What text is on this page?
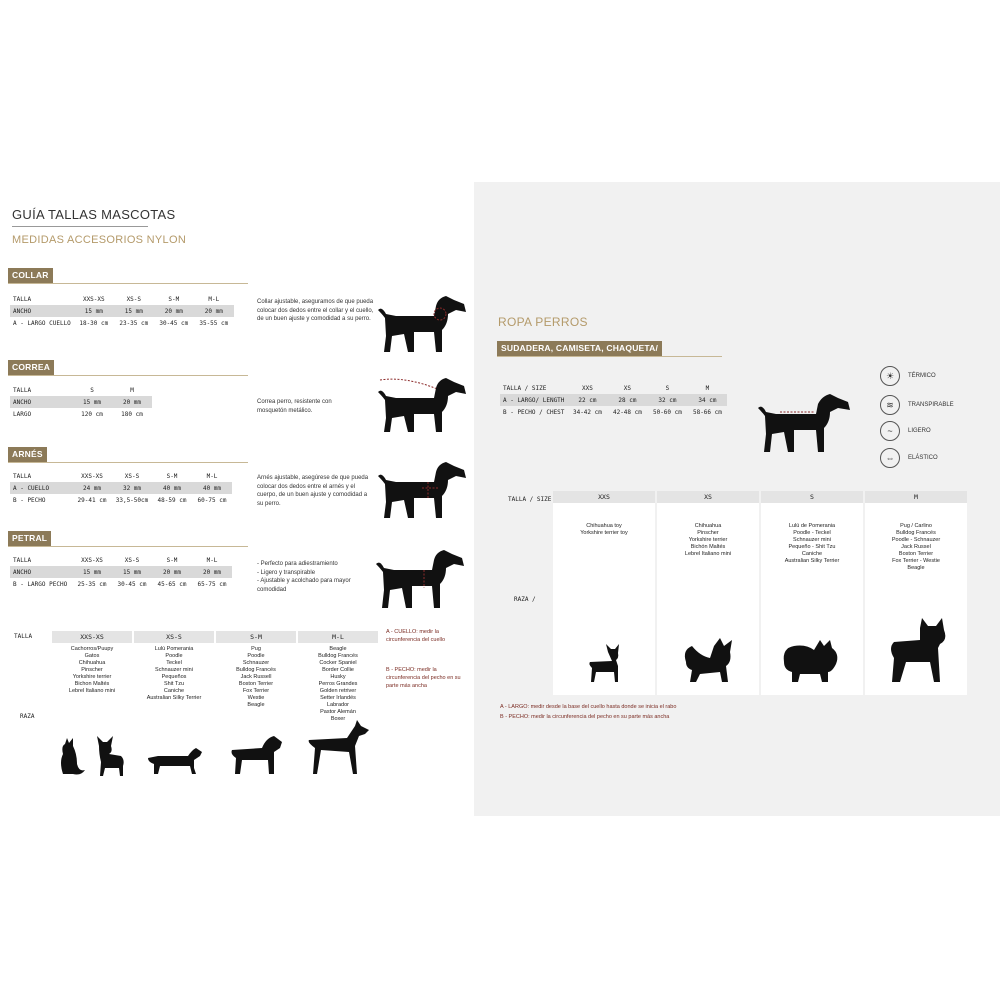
GUÍA TALLAS MASCOTAS
MEDIDAS ACCESORIOS NYLON
COLLAR
TALLA	XXS-XS	XS-S	S-M	M-L
ANCHO	15 mm	15 mm	20 mm	20 mm
A - LARGO CUELLO	18-30 cm	23-35 cm	30-45 cm	35-55 cm
Collar ajustable, aseguramos de que pueda colocar dos dedos entre el collar y el cuello, de un buen ajuste y comodidad a su perro.
CORREA
TALLA	S	M
ANCHO	15 mm	20 mm
LARGO	120 cm	180 cm
Correa perro, resistente con mosquetón metálico.
ARNÉS
TALLA	XXS-XS	XS-S	S-M	M-L
A - CUELLO	24 mm	32 mm	40 mm	40 mm
B - PECHO	29-41 cm	33,5-50cm	48-59 cm	60-75 cm
Arnés ajustable, asegúrese de que pueda colocar dos dedos entre el arnés y el cuerpo, de un buen ajuste y comodidad a su perro.
PETRAL
TALLA	XXS-XS	XS-S	S-M	M-L
ANCHO	15 mm	15 mm	20 mm	20 mm
B - LARGO PECHO	25-35 cm	30-45 cm	45-65 cm	65-75 cm
- Perfecto para adiestramiento
- Ligero y transpirable
- Ajustable y acolchado para mayor comodidad
TALLA
RAZA
XXS-XS
Cachorros/Puupy
Gatos
Chihuahua
Pinscher
Yorkshire terrier
Bichon Maltés
Lebrel Italiano mini
XS-S
Lulú Pomerania
Poodle
Teckel
Schnauzer mini
Pequeños
Shit Tzu
Caniche
Australian Silky Terrier
S-M
Pug
Poodle
Schnauzer
Bulldog Francés
Jack Russell
Boston Terrier
Fox Terrier
Westie
Beagle
M-L
Beagle
Bulldog Francés
Cocker Spaniel
Border Collie
Husky
Perros Grandes
Golden retriver
Setter Irlandés
Labrador
Pastor Alemán
Boxer
A - CUELLO: medir la circunferencia del cuello
B - PECHO: medir la circunferencia del pecho en su parte más ancha
ROPA PERROS
SUDADERA, CAMISETA, CHAQUETA/
TALLA / SIZE	XXS	XS	S	M
A - LARGO/ LENGTH	22 cm	28 cm	32 cm	34 cm
B - PECHO / CHEST	34-42 cm	42-48 cm	50-60 cm	58-66 cm
☀	TÉRMICO
≋	TRANSPIRABLE
~	LIGERO
⇔	ELÁSTICO
TALLA / SIZE
RAZA /
XXS
Chihuahua toy
Yorkshire terrier toy
XS
Chihuahua
Pinscher
Yorkshire terrier
Bichón Maltés
Lebrel Italiano mini
S
Lulú de Pomerania
Poodle - Teckel
Schnauzer mini
Pequeño - Shit Tzu
Caniche
Australian Silky Terrier
M
Pug / Carlino
Bulldog Francés
Poodle - Schnauzer
Jack Russel
Boston Terrier
Fox Terrier - Westie
Beagle
A - LARGO: medir desde la base del cuello hasta donde se inicia el rabo
B - PECHO: medir la circunferencia del pecho en su parte más ancha
